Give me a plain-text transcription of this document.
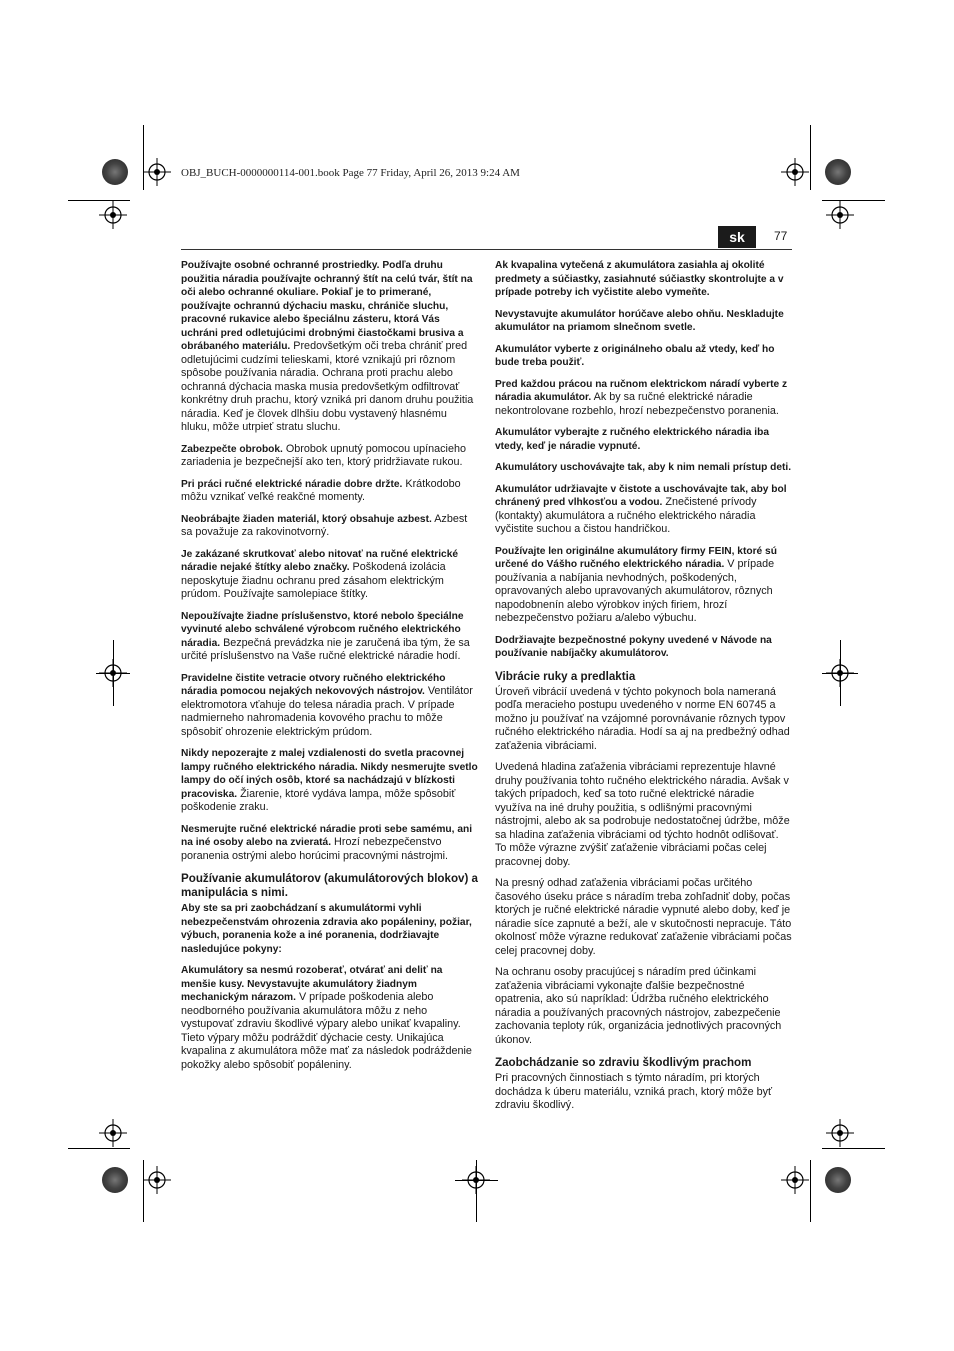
OBJ_BUCH-0000000114-001.book Page 77 Friday, April 26, 2013 9:24 AM
sk	77

Používajte osobné ochranné prostriedky. Podľa druhu použitia náradia používajte ochranný štít na celú tvár, štít na oči alebo ochranné okuliare. Pokiaľ je to primerané, používajte ochrannú dýchaciu masku, chrániče sluchu, pracovné rukavice alebo špeciálnu zásteru, ktorá Vás uchráni pred odletujúcimi drobnými čiastočkami brusiva a obrábaného materiálu. Predovšetkým oči treba chrániť pred odletujúcimi cudzími telieskami, ktoré vznikajú pri rôznom spôsobe používania náradia. Ochrana proti prachu alebo ochranná dýchacia maska musia predovšetkým odfiltrovať konkrétny druh prachu, ktorý vzniká pri danom druhu použitia náradia. Keď je človek dlhšiu dobu vystavený hlasnému hluku, môže utrpieť stratu sluchu.

Zabezpečte obrobok. Obrobok upnutý pomocou upínacieho zariadenia je bezpečnejší ako ten, ktorý pridržiavate rukou.

Pri práci ručné elektrické náradie dobre držte. Krátkodobo môžu vznikať veľké reakčné momenty.

Neobrábajte žiaden materiál, ktorý obsahuje azbest. Azbest sa považuje za rakovinotvorný.

Je zakázané skrutkovať alebo nitovať na ručné elektrické náradie nejaké štítky alebo značky. Poškodená izolácia neposkytuje žiadnu ochranu pred zásahom elektrickým prúdom. Používajte samolepiace štítky.

Nepoužívajte žiadne príslušenstvo, ktoré nebolo špeciálne vyvinuté alebo schválené výrobcom ručného elektrického náradia. Bezpečná prevádzka nie je zaručená iba tým, že sa určité príslušenstvo na Vaše ručné elektrické náradie hodí.

Pravidelne čistite vetracie otvory ručného elektrického náradia pomocou nejakých nekovových nástrojov. Ventilátor elektromotora vťahuje do telesa náradia prach. V prípade nadmierneho nahromadenia kovového prachu to môže spôsobiť ohrozenie elektrickým prúdom.

Nikdy nepozerajte z malej vzdialenosti do svetla pracovnej lampy ručného elektrického náradia. Nikdy nesmerujte svetlo lampy do očí iných osôb, ktoré sa nachádzajú v blízkosti pracoviska. Žiarenie, ktoré vydáva lampa, môže spôsobiť poškodenie zraku.

Nesmerujte ručné elektrické náradie proti sebe samému, ani na iné osoby alebo na zvieratá. Hrozí nebezpečenstvo poranenia ostrými alebo horúcimi pracovnými nástrojmi.

Používanie akumulátorov (akumulátorových blokov) a manipulácia s nimi.

Aby ste sa pri zaobchádzaní s akumulátormi vyhli nebezpečenstvám ohrozenia zdravia ako popáleniny, požiar, výbuch, poranenia kože a iné poranenia, dodržiavajte nasledujúce pokyny:

Akumulátory sa nesmú rozoberať, otvárať ani deliť na menšie kusy. Nevystavujte akumulátory žiadnym mechanickým nárazom. V prípade poškodenia alebo neodborného používania akumulátora môžu z neho vystupovať zdraviu škodlivé výpary alebo unikať kvapaliny. Tieto výpary môžu podráždiť dýchacie cesty. Unikajúca kvapalina z akumulátora môže mať za následok podráždenie pokožky alebo spôsobiť popáleniny.

Ak kvapalina vytečená z akumulátora zasiahla aj okolité predmety a súčiastky, zasiahnuté súčiastky skontrolujte a v prípade potreby ich vyčistite alebo vymeňte.

Nevystavujte akumulátor horúčave alebo ohňu. Neskladujte akumulátor na priamom slnečnom svetle.

Akumulátor vyberte z originálneho obalu až vtedy, keď ho bude treba použiť.

Pred každou prácou na ručnom elektrickom náradí vyberte z náradia akumulátor. Ak by sa ručné elektrické náradie nekontrolovane rozbehlo, hrozí nebezpečenstvo poranenia.

Akumulátor vyberajte z ručného elektrického náradia iba vtedy, keď je náradie vypnuté.

Akumulátory uschovávajte tak, aby k nim nemali prístup deti.

Akumulátor udržiavajte v čistote a uschovávajte tak, aby bol chránený pred vlhkosťou a vodou. Znečistené prívody (kontakty) akumulátora a ručného elektrického náradia vyčistite suchou a čistou handričkou.

Používajte len originálne akumulátory firmy FEIN, ktoré sú určené do Vášho ručného elektrického náradia. V prípade používania a nabíjania nevhodných, poškodených, opravovaných alebo upravovaných akumulátorov, rôznych napodobnenín alebo výrobkov iných firiem, hrozí nebezpečenstvo požiaru a/alebo výbuchu.

Dodržiavajte bezpečnostné pokyny uvedené v Návode na používanie nabíjačky akumulátorov.

Vibrácie ruky a predlaktia

Úroveň vibrácií uvedená v týchto pokynoch bola nameraná podľa meracieho postupu uvedeného v norme EN 60745 a možno ju používať na vzájomné porovnávanie rôznych typov ručného elektrického náradia. Hodí sa aj na predbežný odhad zaťaženia vibráciami.

Uvedená hladina zaťaženia vibráciami reprezentuje hlavné druhy používania tohto ručného elektrického náradia. Avšak v takých prípadoch, keď sa toto ručné elektrické náradie využíva na iné druhy použitia, s odlišnými pracovnými nástrojmi, alebo ak sa podrobuje nedostatočnej údržbe, môže sa hladina zaťaženia vibráciami od týchto hodnôt odlišovať. To môže výrazne zvýšiť zaťaženie vibráciami počas celej pracovnej doby.

Na presný odhad zaťaženia vibráciami počas určitého časového úseku práce s náradím treba zohľadniť doby, počas ktorých je ručné elektrické náradie vypnuté alebo doby, keď je náradie síce zapnuté a beží, ale v skutočnosti nepracuje. Táto okolnosť môže výrazne redukovať zaťaženie vibráciami počas celej pracovnej doby.

Na ochranu osoby pracujúcej s náradím pred účinkami zaťaženia vibráciami vykonajte ďalšie bezpečnostné opatrenia, ako sú napríklad: Údržba ručného elektrického náradia a používaných pracovných nástrojov, zabezpečenie zachovania teploty rúk, organizácia jednotlivých pracovných úkonov.

Zaobchádzanie so zdraviu škodlivým prachom

Pri pracovných činnostiach s týmto náradím, pri ktorých dochádza k úberu materiálu, vzniká prach, ktorý môže byť zdraviu škodlivý.
